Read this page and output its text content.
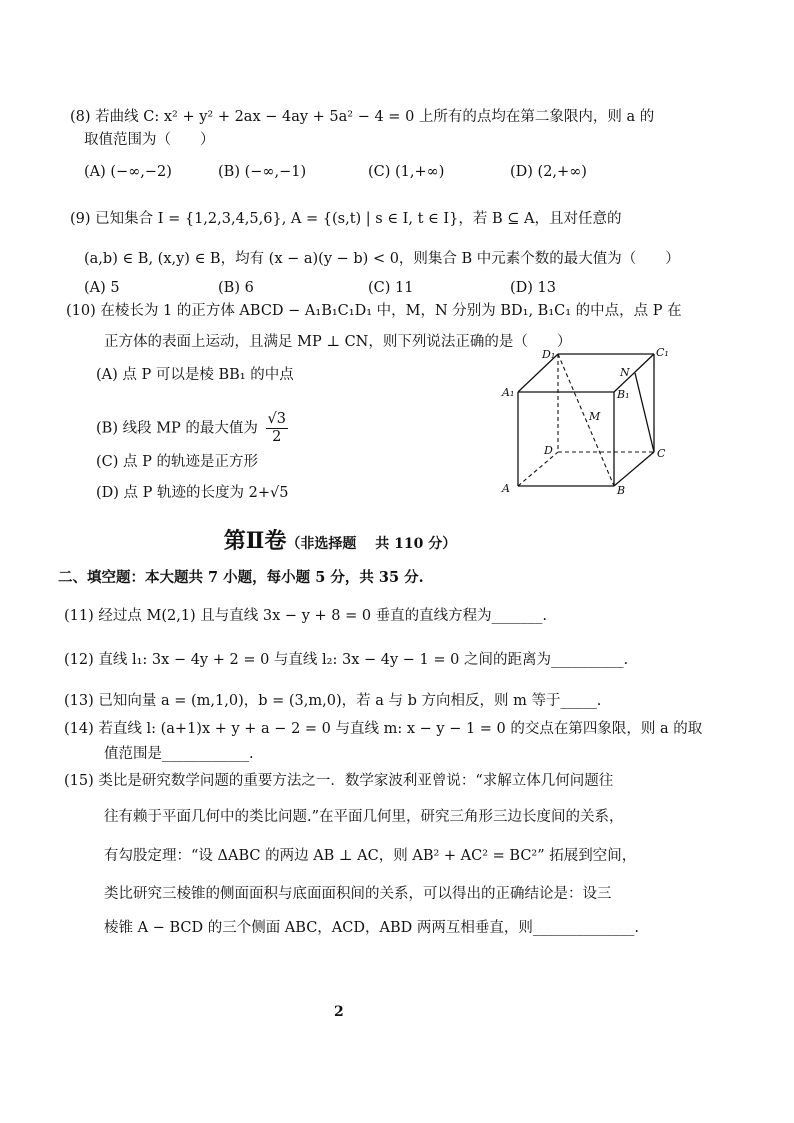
(8) 若曲线 C: x² + y² + 2ax − 4ay + 5a² − 4 = 0 上所有的点均在第二象限内，则 a 的
取值范围为（　　）
(A) (−∞,−2)	(B) (−∞,−1)	(C) (1,+∞)	(D) (2,+∞)
(9) 已知集合 I = {1,2,3,4,5,6}, A = {(s,t) | s ∈ I, t ∈ I}，若 B ⊆ A，且对任意的
(a,b) ∈ B, (x,y) ∈ B，均有 (x − a)(y − b) < 0，则集合 B 中元素个数的最大值为（　　）
(A) 5	(B) 6	(C) 11	(D) 13
(10) 在棱长为 1 的正方体 ABCD − A₁B₁C₁D₁ 中，M，N 分别为 BD₁, B₁C₁ 的中点，点 P 在
正方体的表面上运动，且满足 MP ⊥ CN，则下列说法正确的是（　　）
(A) 点 P 可以是棱 BB₁ 的中点
(B) 线段 MP 的最大值为 $\frac{√3}{2}$
(C) 点 P 的轨迹是正方形
(D) 点 P 轨迹的长度为 2+√5	A	B
C
D
A₁	B₁
C₁
D₁
M
N
第Ⅱ卷（非选择题　 共 110 分）
二、填空题：本大题共 7 小题，每小题 5 分，共 35 分.
(11) 经过点 M(2,1) 且与直线 3x − y + 8 = 0 垂直的直线方程为_______.
(12) 直线 l₁: 3x − 4y + 2 = 0 与直线 l₂: 3x − 4y − 1 = 0 之间的距离为__________.
(13) 已知向量 a = (m,1,0)，b = (3,m,0)，若 a 与 b 方向相反，则 m 等于_____.
(14) 若直线 l: (a+1)x + y + a − 2 = 0 与直线 m: x − y − 1 = 0 的交点在第四象限，则 a 的取
值范围是____________.
(15) 类比是研究数学问题的重要方法之一．数学家波利亚曾说：“求解立体几何问题往
往有赖于平面几何中的类比问题.”在平面几何里，研究三角形三边长度间的关系，
有勾股定理：“设 ΔABC 的两边 AB ⊥ AC，则 AB² + AC² = BC²” 拓展到空间，
类比研究三棱锥的侧面面积与底面面积间的关系，可以得出的正确结论是：设三
棱锥 A − BCD 的三个侧面 ABC，ACD，ABD 两两互相垂直，则______________.
2
